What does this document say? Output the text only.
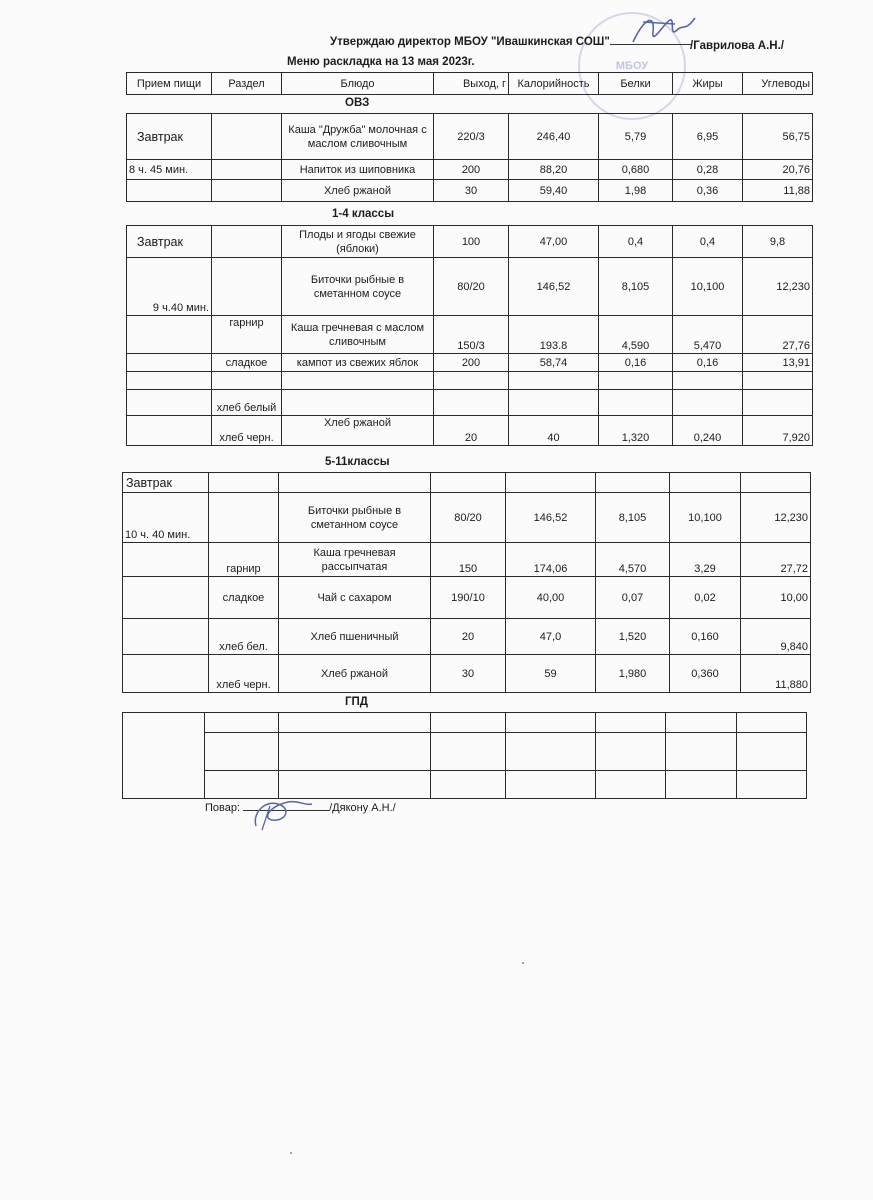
МБОУ
Утверждаю директор МБОУ "Ивашкинская СОШ"	/Гаврилова А.Н./
Меню раскладка на 13 мая 2023г.
Прием пищи	Раздел	Блюдо	Выход, г	Калорийность	Белки	Жиры	Углеводы
ОВЗ
Завтрак		Каша "Дружба" молочная с маслом сливочным	220/3	246,40	5,79	6,95	56,75
8 ч. 45 мин.		Напиток из шиповника	200	88,20	0,680	0,28	20,76
		Хлеб ржаной	30	59,40	1,98	0,36	11,88
1-4 классы
Завтрак		Плоды и ягоды свежие (яблоки)	100	47,00	0,4	0,4	9,8
9 ч.40 мин.		Биточки рыбные в сметанном соусе	80/20	146,52	8,105	10,100	12,230
	гарнир	Каша гречневая с маслом сливочным	150/3	193.8	4,590	5,470	27,76
	сладкое	кампот из свежих яблок	200	58,74	0,16	0,16	13,91

	хлеб белый						
	хлеб черн.	Хлеб ржаной	20	40	1,320	0,240	7,920
5-11классы
Завтрак							
10 ч. 40 мин.		Биточки рыбные в сметанном соусе	80/20	146,52	8,105	10,100	12,230
	гарнир	Каша гречневая рассыпчатая	150	174,06	4,570	3,29	27,72
	сладкое	Чай с сахаром	190/10	40,00	0,07	0,02	10,00
	хлеб бел.	Хлеб пшеничный	20	47,0	1,520	0,160	9,840
	хлеб черн.	Хлеб ржаной	30	59	1,980	0,360	11,880
ГПД

Повар:	/Дякону А.Н./
